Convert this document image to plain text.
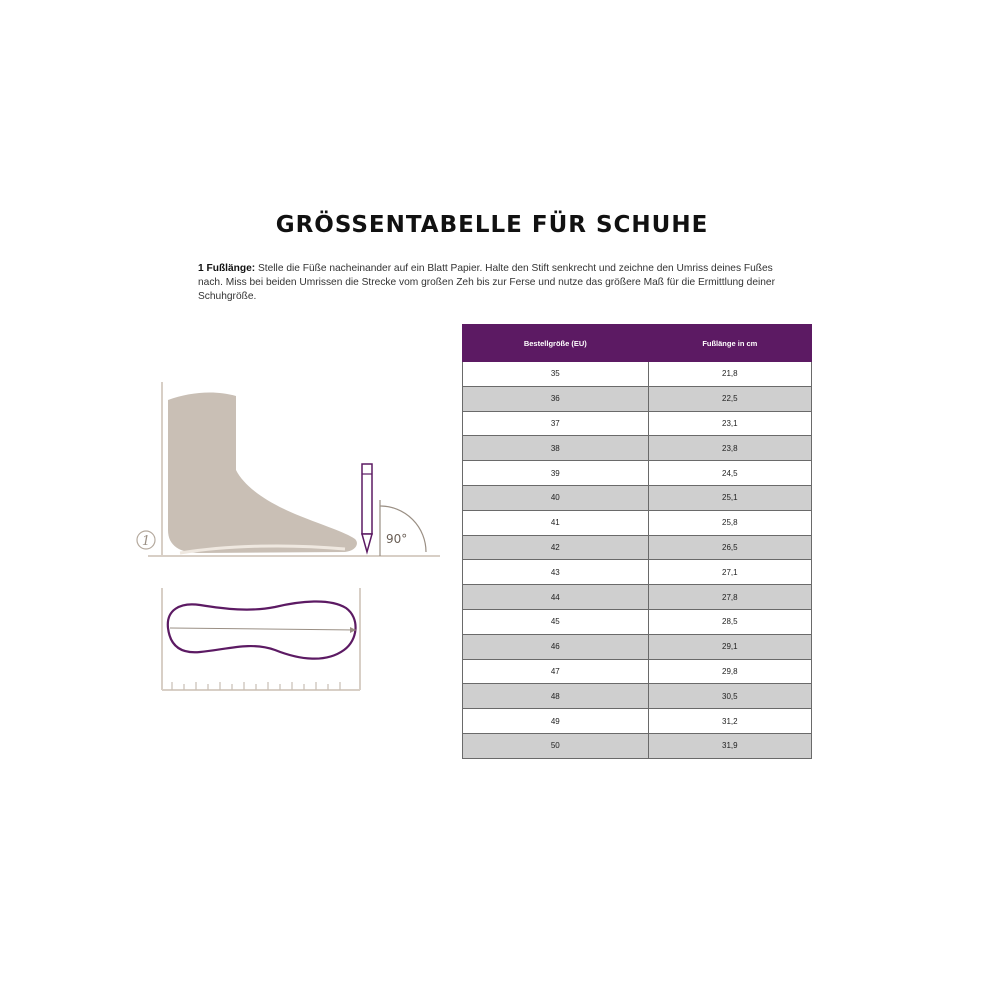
GRÖSSENTABELLE FÜR SCHUHE
1 Fußlänge: Stelle die Füße nacheinander auf ein Blatt Papier. Halte den Stift senkrecht und zeichne den Umriss deines Fußes nach. Miss bei beiden Umrissen die Strecke vom großen Zeh bis zur Ferse und nutze das größere Maß für die Ermittlung deiner Schuhgröße.
1	90°
Bestellgröße (EU)	Fußlänge in cm
35	21,8
36	22,5
37	23,1
38	23,8
39	24,5
40	25,1
41	25,8
42	26,5
43	27,1
44	27,8
45	28,5
46	29,1
47	29,8
48	30,5
49	31,2
50	31,9
